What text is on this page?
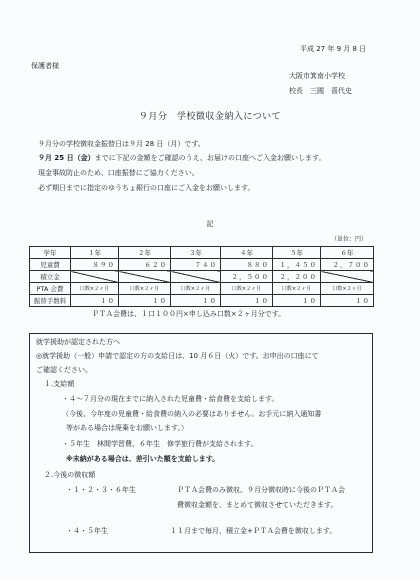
平成 27 年 9 月 8 日
保護者様
大阪市箕南小学校
校長　三國　喜代史
９月分　学校徴収金納入について
９月分の学校徴収金振替日は９月 28 日（月）です。
９月 25 日（金）までに下記の金額をご確認のうえ、お届けの口座へご入金お願いします。
現金事故防止のため、口座振替にご協力ください。
必ず期日までに指定のゆうちょ銀行の口座にご入金をお願いします。
記
（単位：円）
学年	１年	２年	３年	４年	５年	６年
児童費	８９０	６２０	７４０	８８０	１，４５０	２，７００
積立金				２，５００	２，２００	
PTA 会費	口数×２ヶ月	口数×２ヶ月	口数×２ヶ月	口数×２ヶ月	口数×２ヶ月	口数×２ヶ月
振替手数料	１０	１０	１０	１０	１０	１０
ＰＴＡ会費は、１口１００円×申し込み口数×２ヶ月分です。
就学援助が認定された方へ
◎就学援助（一般）申請で認定の方の支給日は、10 月６日（火）です。お申出の口座にて
ご確認ください。
１.支給額
・４～７月分の現在までに納入された児童費・給食費を支給します。
（今後、今年度の児童費・給食費の納入の必要はありません。お手元に納入通知書
等がある場合は廃棄をお願いします。）
・５年生　林間学習費、６年生　修学旅行費が支給されます。
※未納がある場合は、差引いた額を支給します。
２.今後の徴収額
・１・２・３・６年生	ＰＴＡ会費のみ徴収。９月分徴収時に今後のＰＴＡ会
費徴収金額を、まとめて徴収させていただきます。
・４・５年生	１１月まで毎月、積立金+ＰＴＡ会費を徴収します。
